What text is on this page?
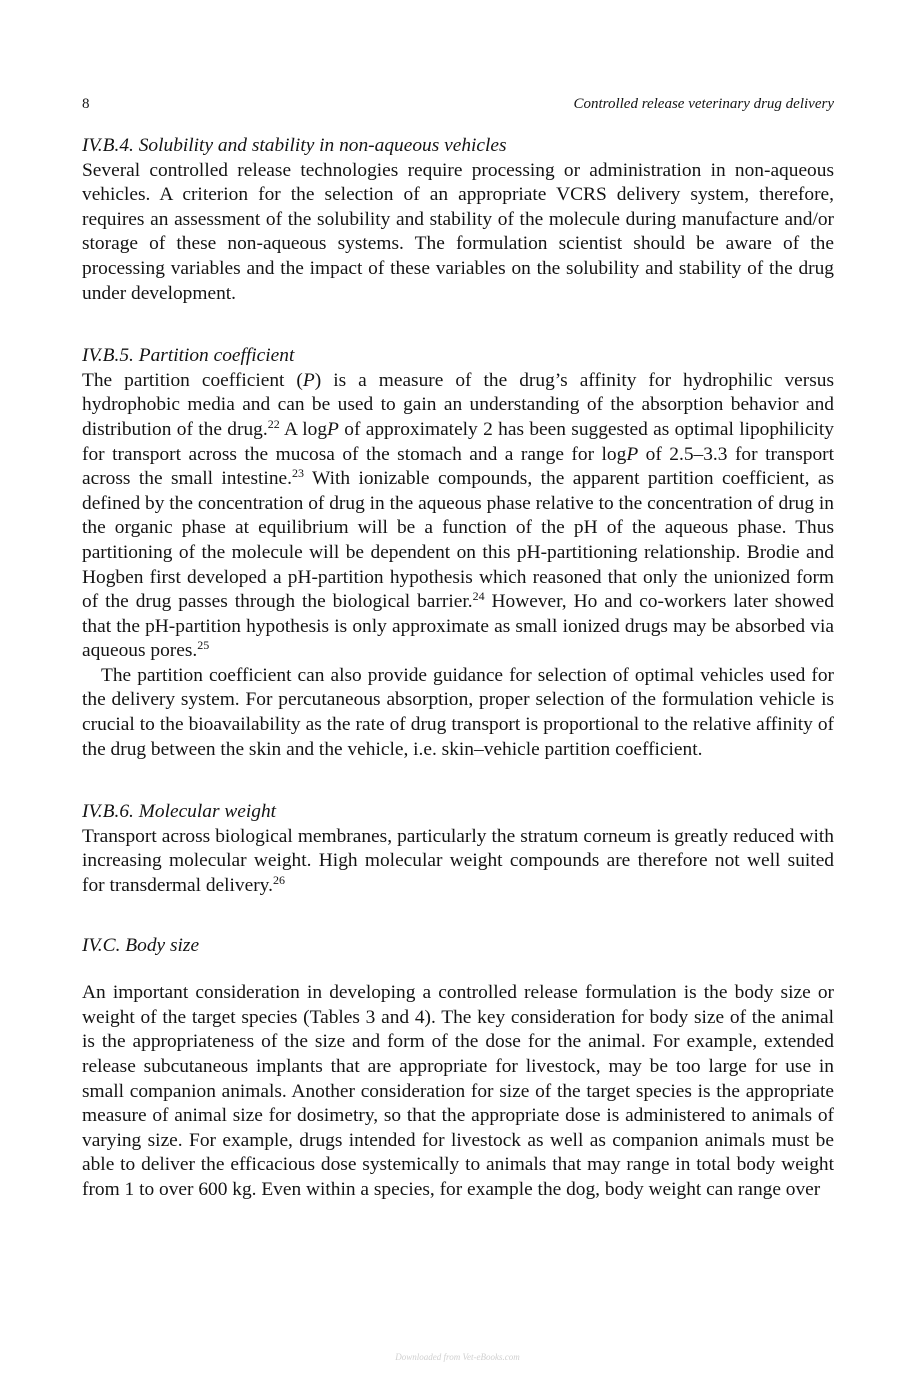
8	Controlled release veterinary drug delivery
IV.B.4. Solubility and stability in non-aqueous vehicles

Several controlled release technologies require processing or administration in non-aqueous vehicles. A criterion for the selection of an appropriate VCRS delivery system, therefore, requires an assessment of the solubility and stability of the molecule during manufacture and/or storage of these non-aqueous systems. The formulation scientist should be aware of the processing variables and the impact of these variables on the solubility and stability of the drug under development.

IV.B.5. Partition coefficient

The partition coefficient (P) is a measure of the drug’s affinity for hydrophilic versus hydrophobic media and can be used to gain an understanding of the absorption behavior and distribution of the drug.$^{22}$ A logP of approximately 2 has been suggested as optimal lipophilicity for transport across the mucosa of the stomach and a range for logP of 2.5–3.3 for transport across the small intestine.$^{23}$ With ionizable compounds, the apparent partition coefficient, as defined by the concentration of drug in the aqueous phase relative to the concentration of drug in the organic phase at equilibrium will be a function of the pH of the aqueous phase. Thus partitioning of the molecule will be dependent on this pH-partitioning relationship. Brodie and Hogben first developed a pH-partition hypothesis which reasoned that only the unionized form of the drug passes through the biological barrier.$^{24}$ However, Ho and co-workers later showed that the pH-partition hypothesis is only approximate as small ionized drugs may be absorbed via aqueous pores.$^{25}$

The partition coefficient can also provide guidance for selection of optimal vehicles used for the delivery system. For percutaneous absorption, proper selection of the formulation vehicle is crucial to the bioavailability as the rate of drug transport is proportional to the relative affinity of the drug between the skin and the vehicle, i.e. skin–vehicle partition coefficient.

IV.B.6. Molecular weight

Transport across biological membranes, particularly the stratum corneum is greatly reduced with increasing molecular weight. High molecular weight compounds are therefore not well suited for transdermal delivery.$^{26}$

IV.C. Body size

An important consideration in developing a controlled release formulation is the body size or weight of the target species (Tables 3 and 4). The key consideration for body size of the animal is the appropriateness of the size and form of the dose for the animal. For example, extended release subcutaneous implants that are appropriate for livestock, may be too large for use in small companion animals. Another consideration for size of the target species is the appropriate measure of animal size for dosimetry, so that the appropriate dose is administered to animals of varying size. For example, drugs intended for livestock as well as companion animals must be able to deliver the efficacious dose systemically to animals that may range in total body weight from 1 to over 600 kg. Even within a species, for example the dog, body weight can range over

Downloaded from Vet-eBooks.com
